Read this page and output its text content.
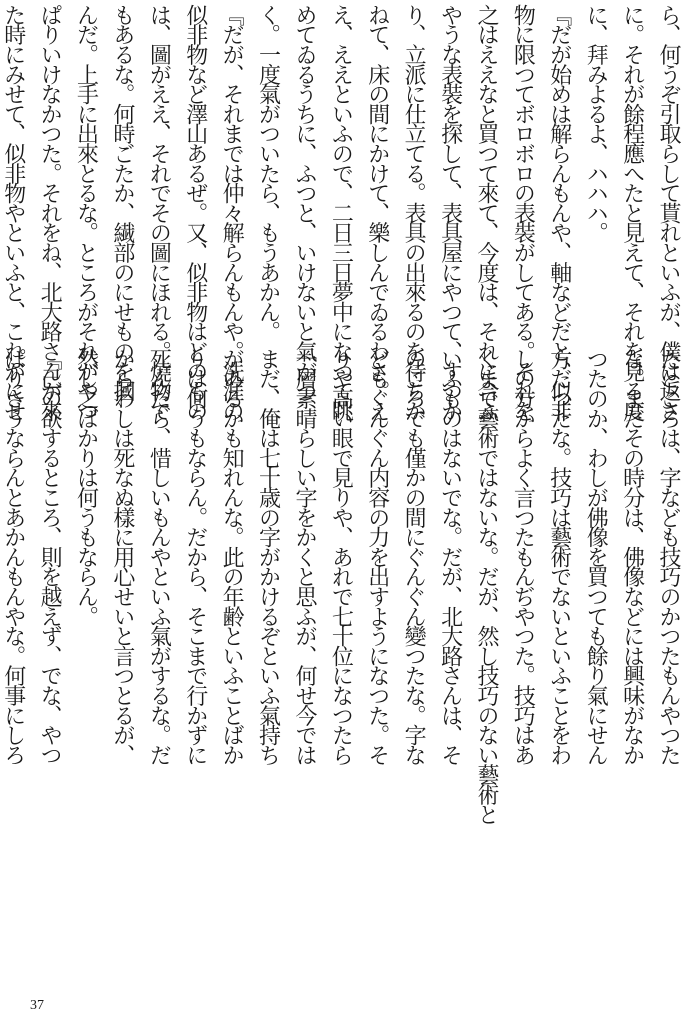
ら、何うぞ引取らして貰れといふが、僕は返さ

に。それが餘程應へたと見えて、それを見る度

に、拜みよるよ、ハハハ。

『だが始めは解らんもんや、軸などだと、似非

物に限つてボロボロの表裝がしてある。それを

之はええなと買つて來て、今度は、それに合ふ

やうな表裝を探して、表具屋にやつて、すつか

り、立派に仕立てる。表具の出來るのを待ちか

ねて、床の間にかけて、樂しんでゐるわさ。え

え、ええといふので、二日三日夢中になつて眺

めてゐるうちに、ふつと、いけないと氣がつ

く。一度氣がついたら、もうあかん。

『だが、それまでは仲々解らんもんや。洗涯の

似非物など澤山あるぜ。又、似非物はどのもの

は、圖がええ、それでその圖にほれる。燒物で

もあるな。何時ごたか、繊部のにせものを摑

んだ。上手に出來とるな。ところがそれがやつ

ぱりいけなかつた。それをね、北大路さんが來

た時にみせて、似非物やといふと、これがにせ

たところは、字なども技巧のかつたもんやつた

な。まだその時分は、佛像などには興味がなか

つたのか、わしが佛像を買つても餘り氣にせん

方だつたな。技巧は藝術でないといふことをわ

しの方からよく言つたもんぢやつた。技巧はあ

くまで藝術ではないな。だが、然し技巧のない藝術と

いふものはないでな。だが、北大路さんは、そ

のころでも僅かの間にぐんぐん變つたな。字な

どもぐんぐん内容の力を出すようになつた。そ

りや高い眼で見りや、あれで七十位になつたら

一層素晴らしい字をかくと思ふが、何せ今では

まだ、俺は七十歳の字がかけるぞといふ氣持ち

があるかも知れんな。此の年齢といふことばか

りは何うもならん。だから、そこまで行かずに

死んだら、惜しいもんやといふ氣がするな。だ

からわしは死なぬ樣に用心せいと言つとるが、

然し之ばかりは何うもならん。

『己の欲するところ、則を越えず、でな、やつ

ぱりさうならんとあかんもんやな。何事にしろ

37
